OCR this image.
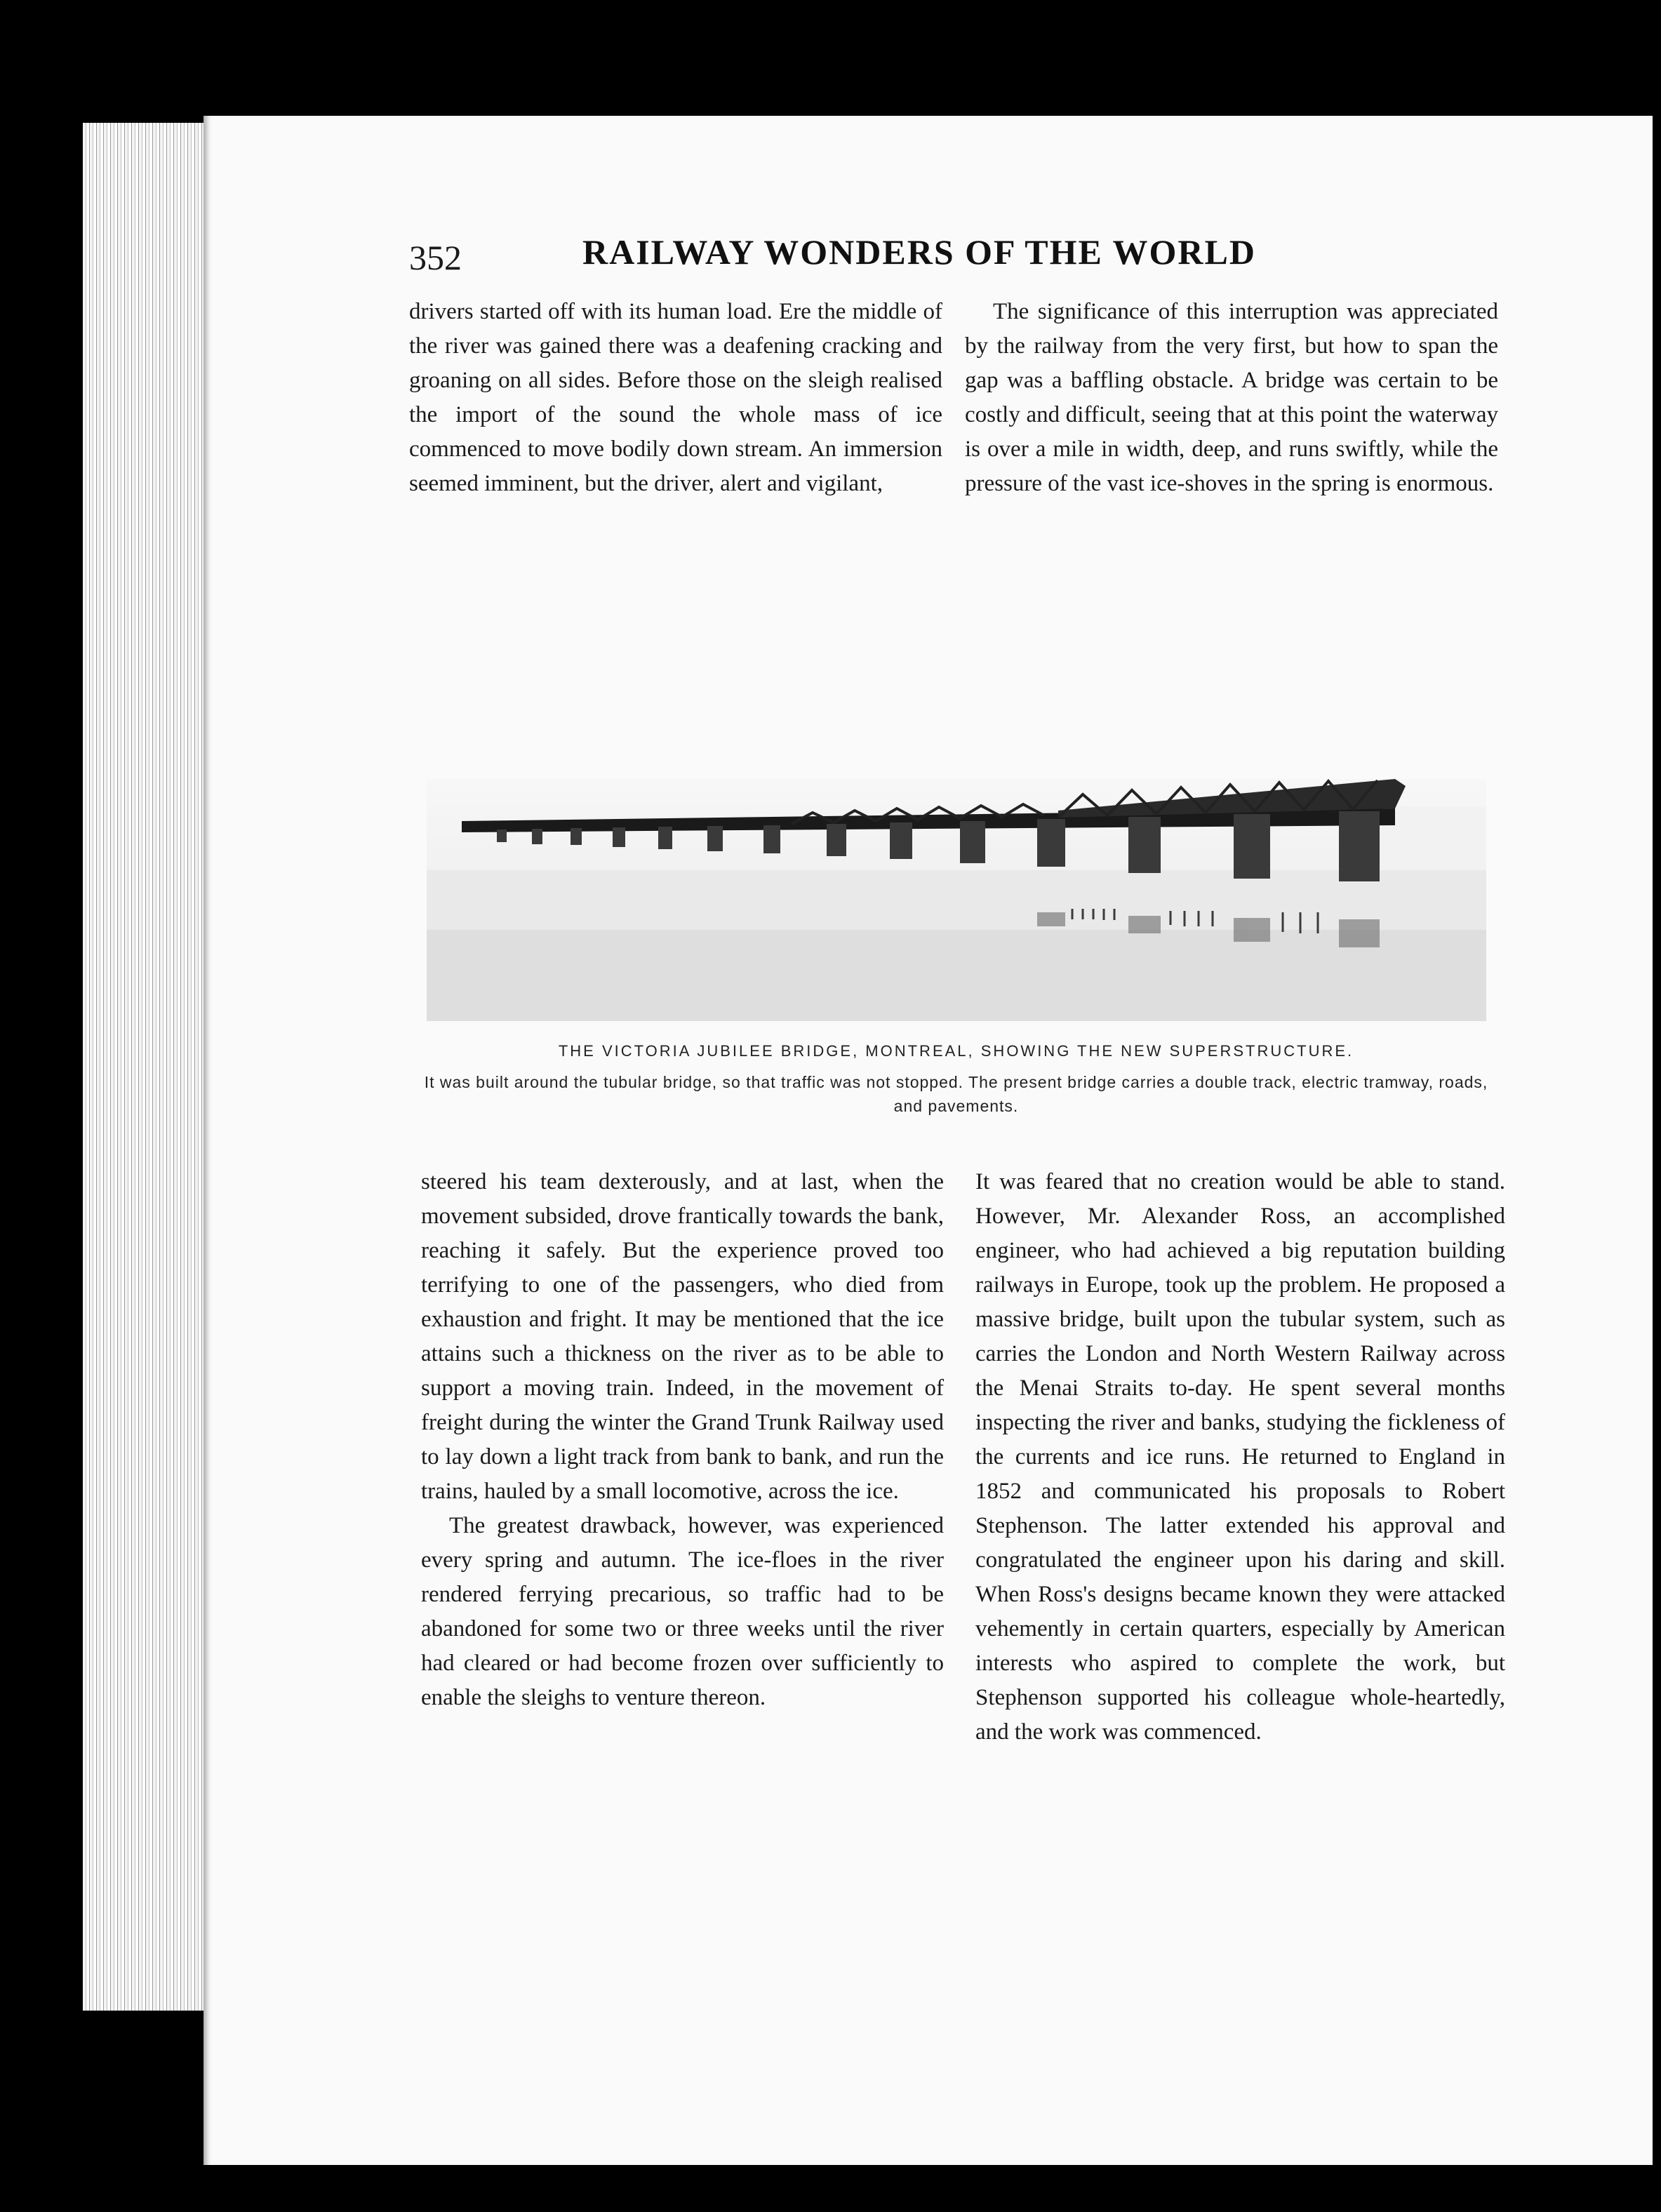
352	RAILWAY WONDERS OF THE WORLD

drivers started off with its human load. Ere the middle of the river was gained there was a deafening cracking and groaning on all sides. Before those on the sleigh realised the import of the sound the whole mass of ice commenced to move bodily down stream. An immersion seemed imminent, but the driver, alert and vigilant,

The significance of this interruption was appreciated by the railway from the very first, but how to span the gap was a baffling obstacle. A bridge was certain to be costly and difficult, seeing that at this point the waterway is over a mile in width, deep, and runs swiftly, while the pressure of the vast ice-shoves in the spring is enormous.

THE VICTORIA JUBILEE BRIDGE, MONTREAL, SHOWING THE NEW SUPERSTRUCTURE.
It was built around the tubular bridge, so that traffic was not stopped. The present bridge carries a double track, electric tramway, roads, and pavements.

steered his team dexterously, and at last, when the movement subsided, drove frantically towards the bank, reaching it safely. But the experience proved too terrifying to one of the passengers, who died from exhaustion and fright. It may be mentioned that the ice attains such a thickness on the river as to be able to support a moving train. Indeed, in the movement of freight during the winter the Grand Trunk Railway used to lay down a light track from bank to bank, and run the trains, hauled by a small locomotive, across the ice.

The greatest drawback, however, was experienced every spring and autumn. The ice-floes in the river rendered ferrying precarious, so traffic had to be abandoned for some two or three weeks until the river had cleared or had become frozen over sufficiently to enable the sleighs to venture thereon.

It was feared that no creation would be able to stand. However, Mr. Alexander Ross, an accomplished engineer, who had achieved a big reputation building railways in Europe, took up the problem. He proposed a massive bridge, built upon the tubular system, such as carries the London and North Western Railway across the Menai Straits to-day. He spent several months inspecting the river and banks, studying the fickleness of the currents and ice runs. He returned to England in 1852 and communicated his proposals to Robert Stephenson. The latter extended his approval and congratulated the engineer upon his daring and skill. When Ross's designs became known they were attacked vehemently in certain quarters, especially by American interests who aspired to complete the work, but Stephenson supported his colleague whole-heartedly, and the work was commenced.
